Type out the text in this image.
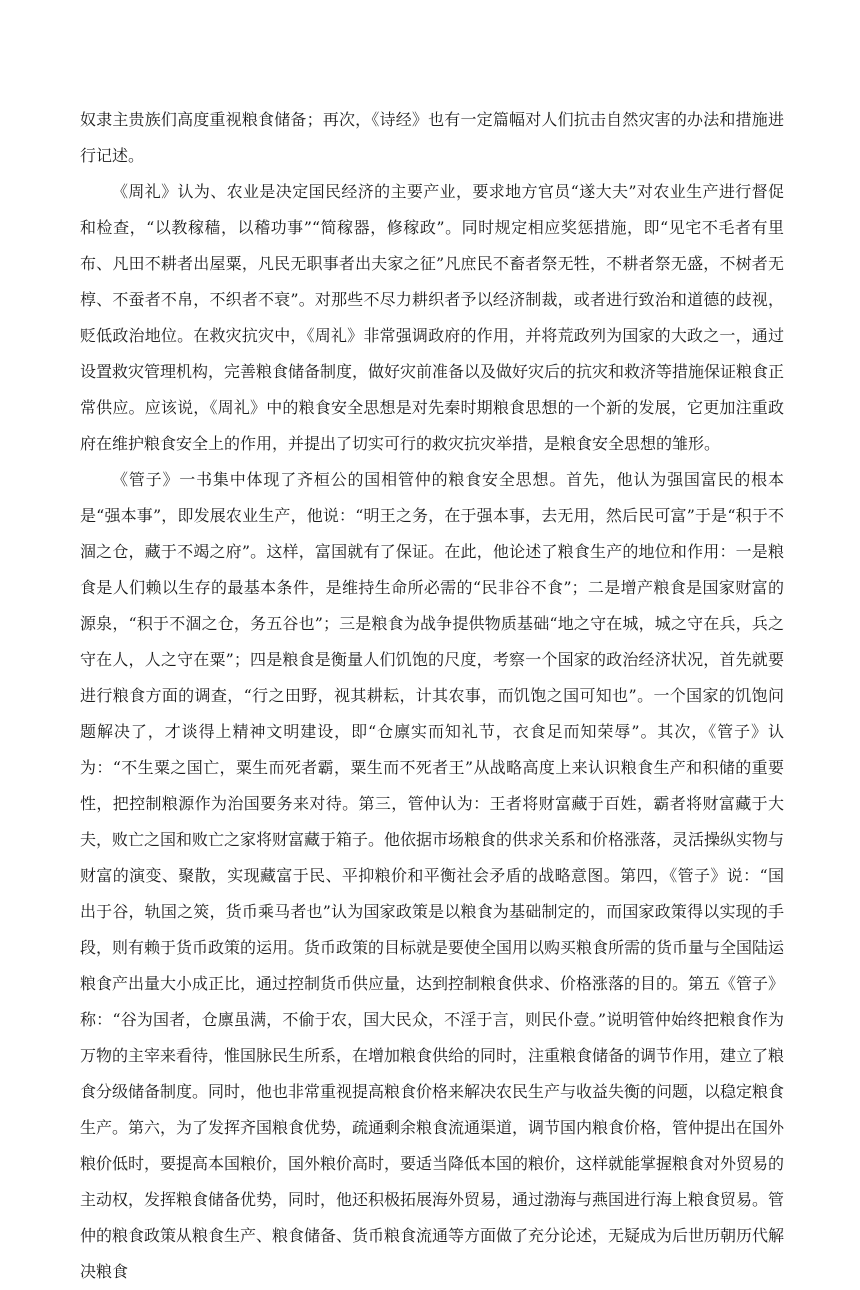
奴隶主贵族们高度重视粮食储备；再次，《诗经》也有一定篇幅对人们抗击自然灾害的办法和措施进行记述。

《周礼》认为、农业是决定国民经济的主要产业，要求地方官员“遂大夫”对农业生产进行督促和检查，“以教稼穑，以稽功事”“简稼器，修稼政”。同时规定相应奖惩措施，即“见宅不毛者有里布、凡田不耕者出屋粟，凡民无职事者出夫家之征”凡庶民不畜者祭无牲，不耕者祭无盛，不树者无椁、不蚕者不帛，不织者不衰”。对那些不尽力耕织者予以经济制裁，或者进行致治和道德的歧视，贬低政治地位。在救灾抗灾中，《周礼》非常强调政府的作用，并将荒政列为国家的大政之一，通过设置救灾管理机构，完善粮食储备制度，做好灾前准备以及做好灾后的抗灾和救济等措施保证粮食正常供应。应该说，《周礼》中的粮食安全思想是对先秦时期粮食思想的一个新的发展，它更加注重政府在维护粮食安全上的作用，并提出了切实可行的救灾抗灾举措，是粮食安全思想的雏形。

《管子》一书集中体现了齐桓公的国相管仲的粮食安全思想。首先，他认为强国富民的根本是“强本事”，即发展农业生产，他说：“明王之务，在于强本事，去无用，然后民可富”于是“积于不涸之仓，藏于不竭之府”。这样，富国就有了保证。在此，他论述了粮食生产的地位和作用：一是粮食是人们赖以生存的最基本条件，是维持生命所必需的“民非谷不食”；二是增产粮食是国家财富的源泉，“积于不涸之仓，务五谷也”；三是粮食为战争提供物质基础“地之守在城，城之守在兵，兵之守在人，人之守在粟”；四是粮食是衡量人们饥饱的尺度，考察一个国家的政治经济状况，首先就要进行粮食方面的调查，“行之田野，视其耕耘，计其农事，而饥饱之国可知也”。一个国家的饥饱问题解决了，才谈得上精神文明建设，即“仓廪实而知礼节，衣食足而知荣辱”。其次，《管子》认为：“不生粟之国亡，粟生而死者霸，粟生而不死者王”从战略高度上来认识粮食生产和积储的重要性，把控制粮源作为治国要务来对待。第三，管仲认为：王者将财富藏于百姓，霸者将财富藏于大夫，败亡之国和败亡之家将财富藏于箱子。他依据市场粮食的供求关系和价格涨落，灵活操纵实物与财富的演变、聚散，实现藏富于民、平抑粮价和平衡社会矛盾的战略意图。第四，《管子》说：“国出于谷，轨国之筴，货币乘马者也”认为国家政策是以粮食为基础制定的，而国家政策得以实现的手段，则有赖于货币政策的运用。货币政策的目标就是要使全国用以购买粮食所需的货币量与全国陆运粮食产出量大小成正比，通过控制货币供应量，达到控制粮食供求、价格涨落的目的。第五《管子》称：“谷为国者，仓廪虽满，不偷于农，国大民众，不淫于言，则民仆壹。”说明管仲始终把粮食作为万物的主宰来看待，惟国脉民生所系，在增加粮食供给的同时，注重粮食储备的调节作用，建立了粮食分级储备制度。同时，他也非常重视提高粮食价格来解决农民生产与收益失衡的问题，以稳定粮食生产。第六，为了发挥齐国粮食优势，疏通剩余粮食流通渠道，调节国内粮食价格，管仲提出在国外粮价低时，要提高本国粮价，国外粮价高时，要适当降低本国的粮价，这样就能掌握粮食对外贸易的主动权，发挥粮食储备优势，同时，他还积极拓展海外贸易，通过渤海与燕国进行海上粮食贸易。管仲的粮食政策从粮食生产、粮食储备、货币粮食流通等方面做了充分论述，无疑成为后世历朝历代解决粮食
